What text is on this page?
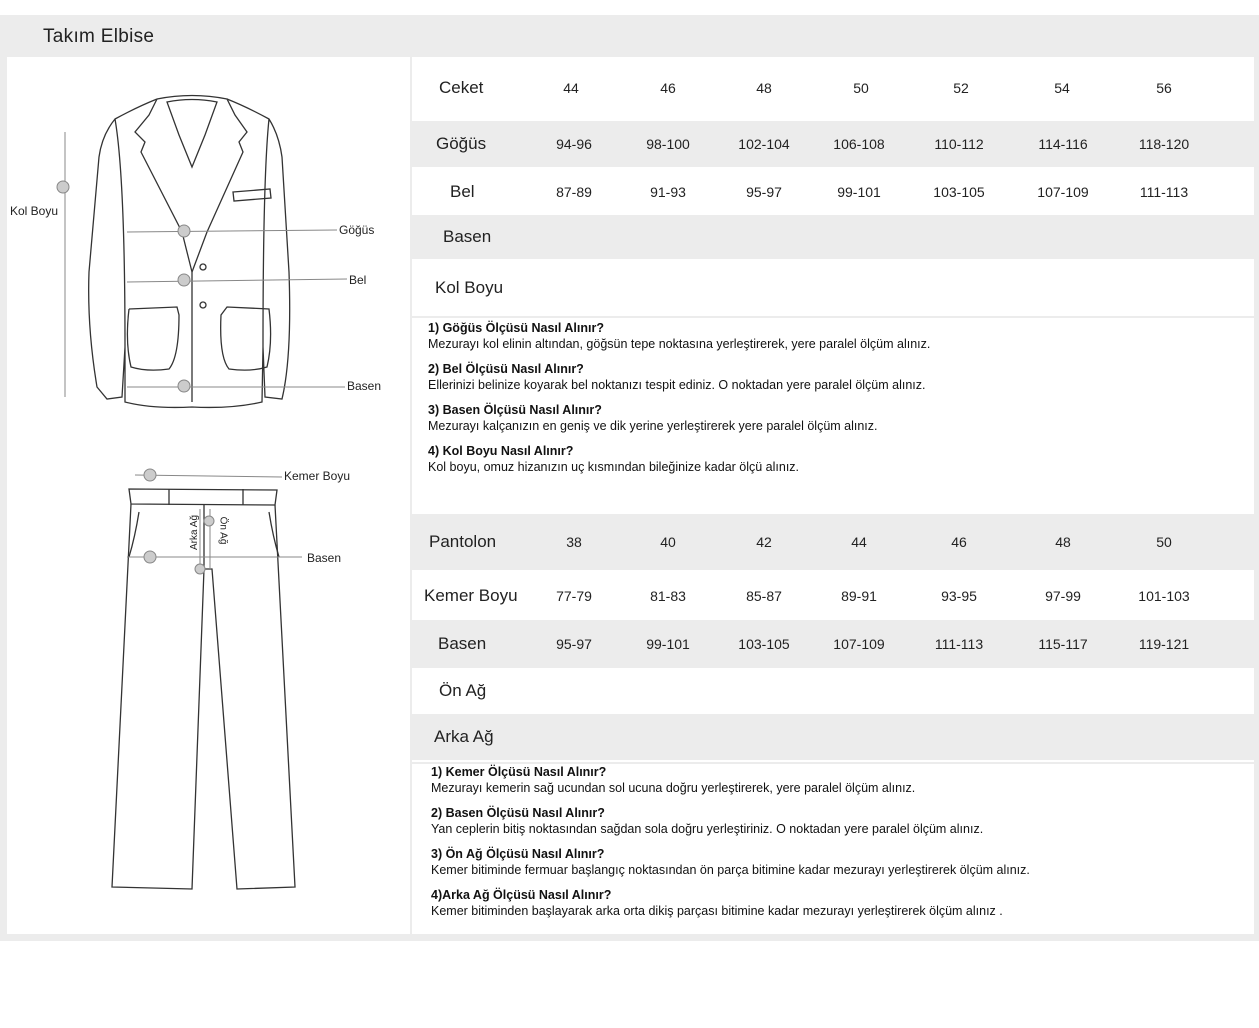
Takım Elbise
Kol Boyu
Göğüs
Bel
Basen
Kemer Boyu
Basen
Arka Ağ Ön Ağ
Ceket	44	46	48	50	52	54	56
Göğüs	94-96	98-100	102-104	106-108	110-112	114-116	118-120
Bel	87-89	91-93	95-97	99-101	103-105	107-109	111-113
Basen
Kol Boyu
1) Göğüs Ölçüsü Nasıl Alınır?
Mezurayı kol elinin altından, göğsün tepe noktasına yerleştirerek, yere paralel ölçüm alınız.
2) Bel Ölçüsü Nasıl Alınır?
Ellerinizi belinize koyarak bel noktanızı tespit ediniz. O noktadan yere paralel ölçüm alınız.
3) Basen Ölçüsü Nasıl Alınır?
Mezurayı kalçanızın en geniş ve dik yerine yerleştirerek yere paralel ölçüm alınız.
4) Kol Boyu Nasıl Alınır?
Kol boyu, omuz hizanızın uç kısmından bileğinize kadar ölçü alınız.
Pantolon	38	40	42	44	46	48	50
Kemer Boyu	77-79	81-83	85-87	89-91	93-95	97-99	101-103
Basen	95-97	99-101	103-105	107-109	111-113	115-117	119-121
Ön Ağ
Arka Ağ
1) Kemer Ölçüsü Nasıl Alınır?
Mezurayı kemerin sağ ucundan sol ucuna doğru yerleştirerek, yere paralel ölçüm alınız.
2) Basen Ölçüsü Nasıl Alınır?
Yan ceplerin bitiş noktasından sağdan sola doğru yerleştiriniz. O noktadan yere paralel ölçüm alınız.
3) Ön Ağ Ölçüsü Nasıl Alınır?
Kemer bitiminde fermuar başlangıç noktasından ön parça bitimine kadar mezurayı yerleştirerek ölçüm alınız.
4)Arka Ağ Ölçüsü Nasıl Alınır?
Kemer bitiminden başlayarak arka orta dikiş parçası bitimine kadar mezurayı yerleştirerek ölçüm alınız .
